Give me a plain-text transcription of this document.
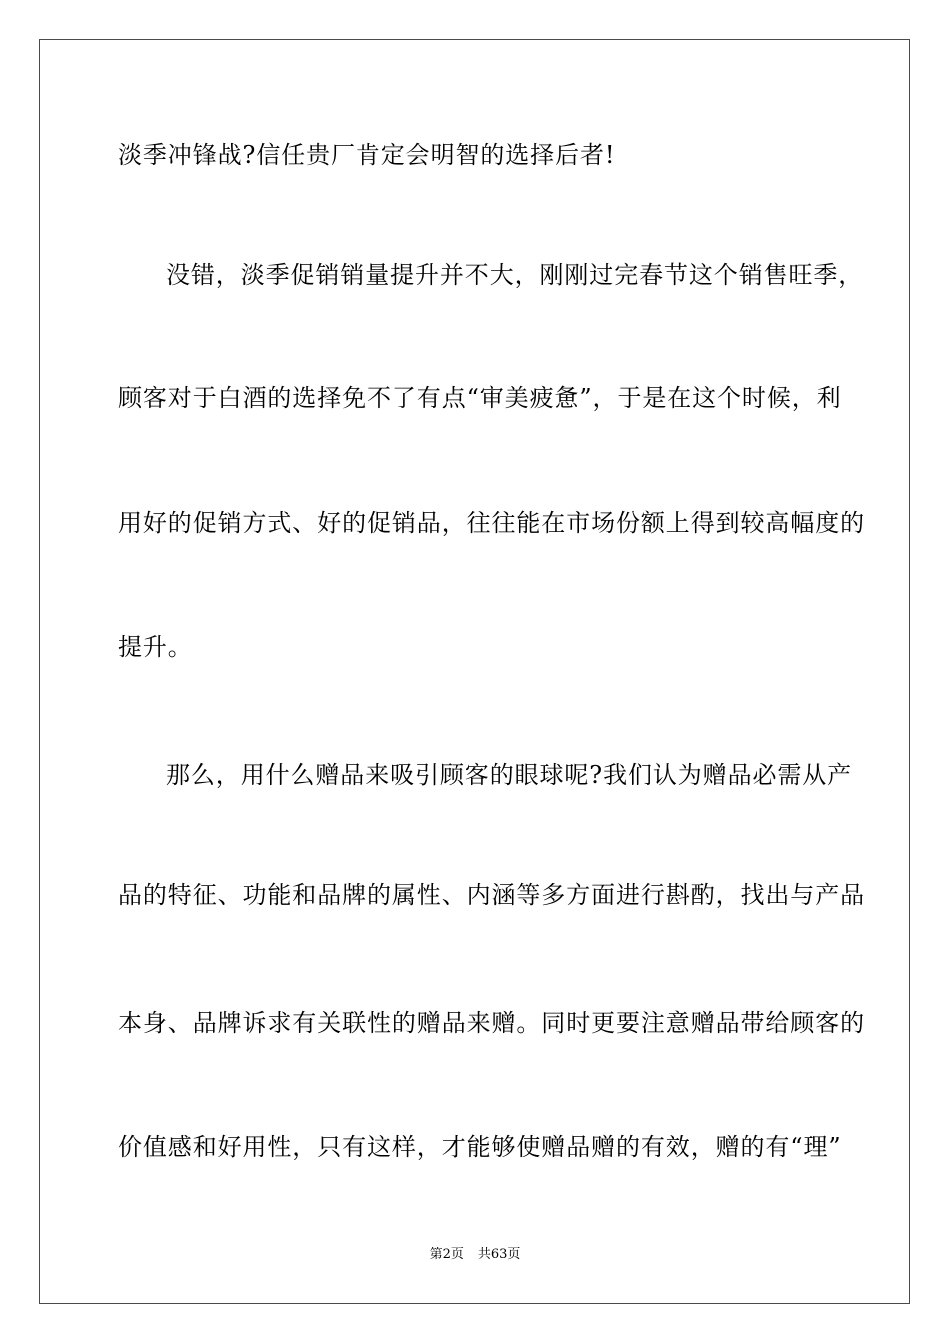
淡季冲锋战?信任贵厂肯定会明智的选择后者!
没错，淡季促销销量提升并不大，刚刚过完春节这个销售旺季，
顾客对于白酒的选择免不了有点“审美疲惫”，于是在这个时候，利
用好的促销方式、好的促销品，往往能在市场份额上得到较高幅度的
提升。
那么，用什么赠品来吸引顾客的眼球呢?我们认为赠品必需从产
品的特征、功能和品牌的属性、内涵等多方面进行斟酌，找出与产品
本身、品牌诉求有关联性的赠品来赠。同时更要注意赠品带给顾客的
价值感和好用性，只有这样，才能够使赠品赠的有效，赠的有“理”
第2页 共63页
